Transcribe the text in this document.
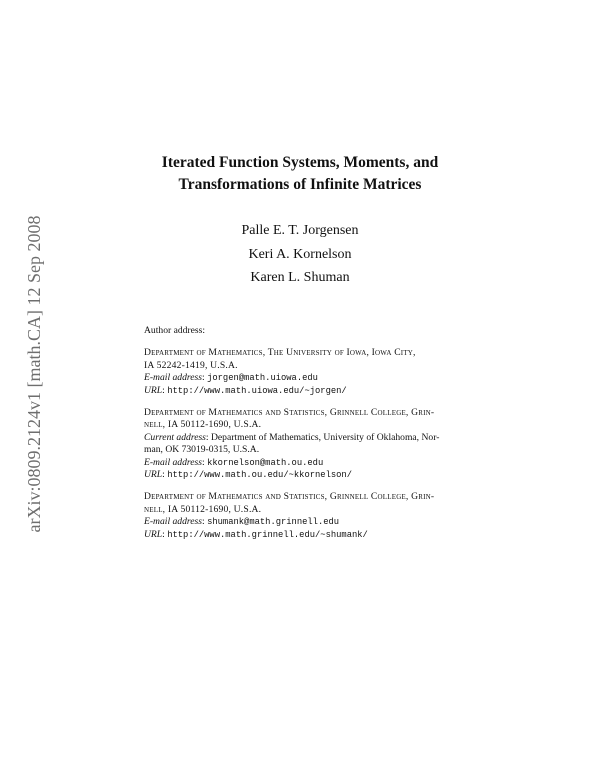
arXiv:0809.2124v1 [math.CA] 12 Sep 2008
Iterated Function Systems, Moments, and
Transformations of Infinite Matrices
Palle E. T. Jorgensen
Keri A. Kornelson
Karen L. Shuman
Author address:
Department of Mathematics, The University of Iowa, Iowa City,
IA 52242-1419, U.S.A.
E-mail address: jorgen@math.uiowa.edu
URL: http://www.math.uiowa.edu/~jorgen/
Department of Mathematics and Statistics, Grinnell College, Grin-
nell, IA 50112-1690, U.S.A.
Current address: Department of Mathematics, University of Oklahoma, Nor-
man, OK 73019-0315, U.S.A.
E-mail address: kkornelson@math.ou.edu
URL: http://www.math.ou.edu/~kkornelson/
Department of Mathematics and Statistics, Grinnell College, Grin-
nell, IA 50112-1690, U.S.A.
E-mail address: shumank@math.grinnell.edu
URL: http://www.math.grinnell.edu/~shumank/
